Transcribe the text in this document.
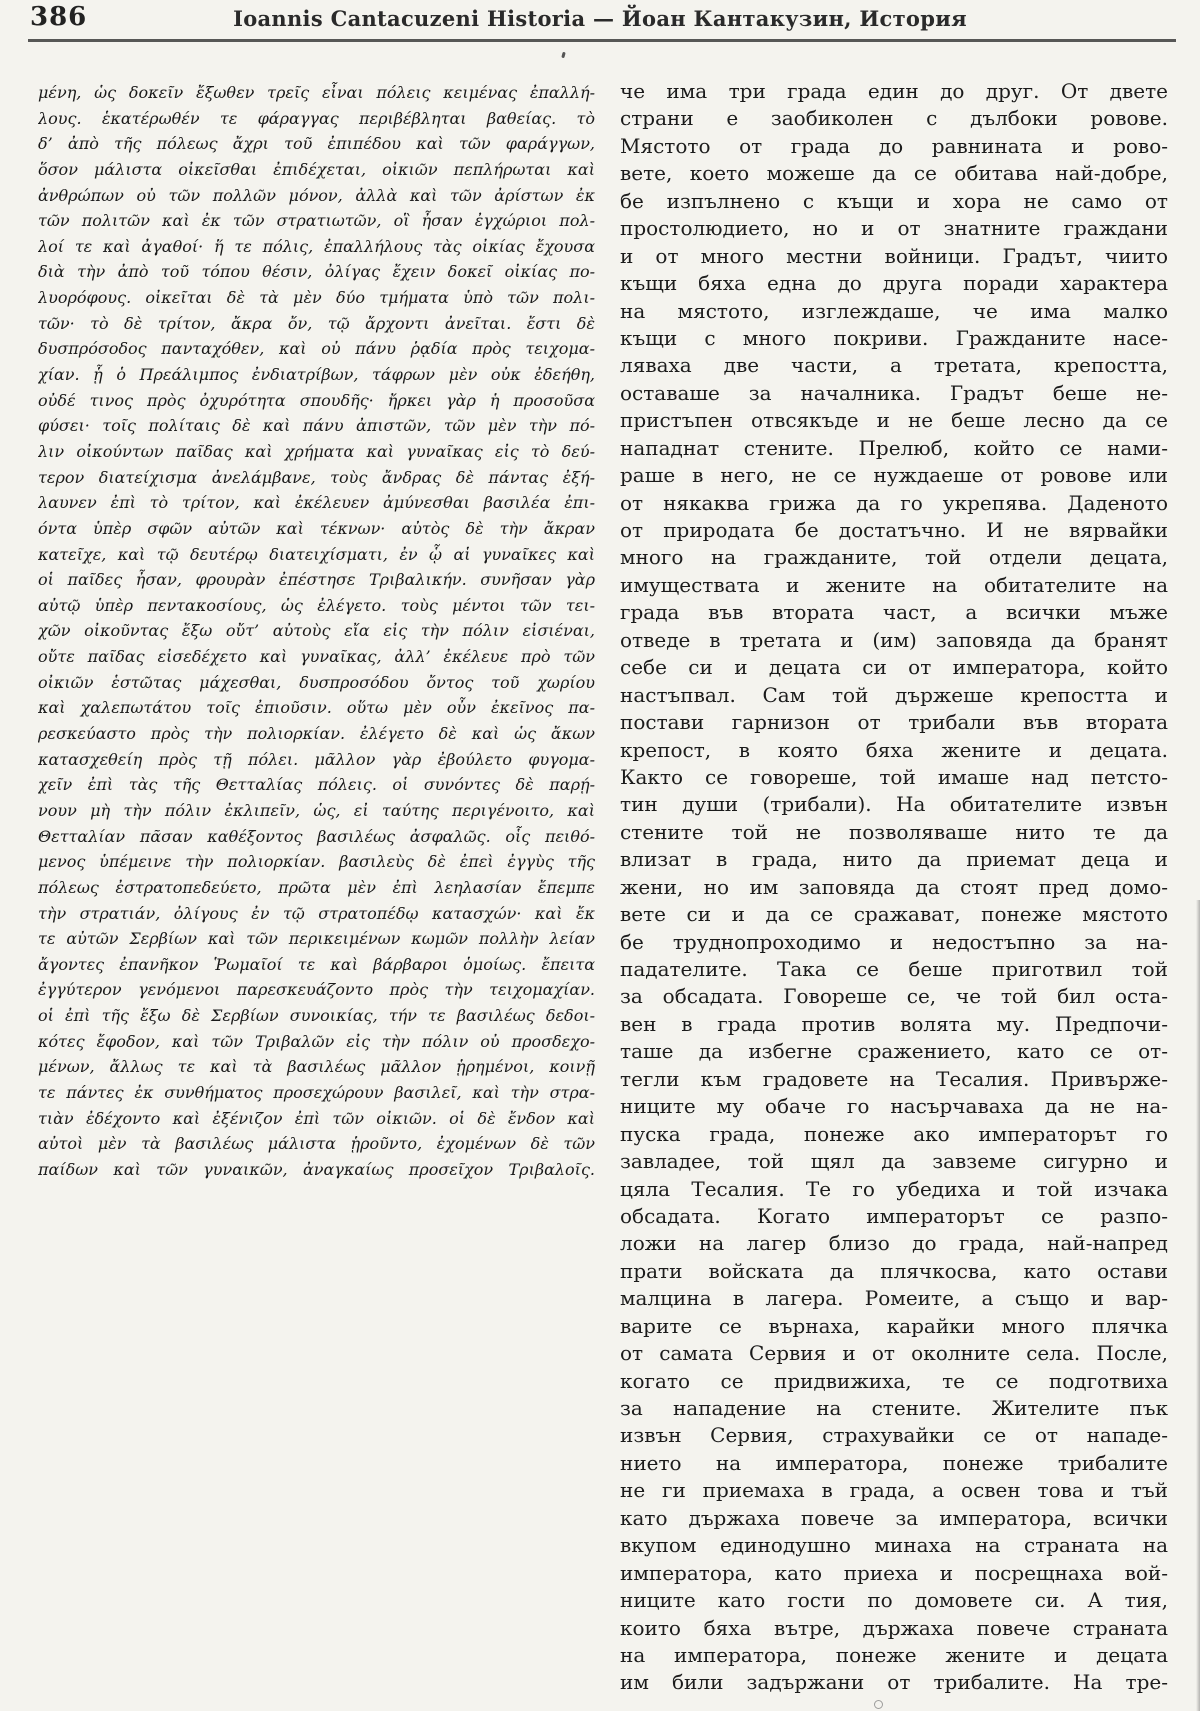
386	Ioannis Cantacuzeni Historia — Йоан Кантакузин, История
μένη, ὡς δοκεῖν ἔξωθεν τρεῖς εἶναι πόλεις κειμένας ἐπαλλή-
λους. ἑκατέρωθέν τε φάραγγας περιβέβληται βαθείας. τὸ
δ’ ἀπὸ τῆς πόλεως ἄχρι τοῦ ἐπιπέδου καὶ τῶν φαράγγων,
ὅσον μάλιστα οἰκεῖσθαι ἐπιδέχεται, οἰκιῶν πεπλήρωται καὶ
ἀνθρώπων οὐ τῶν πολλῶν μόνον, ἀλλὰ καὶ τῶν ἀρίστων ἐκ
τῶν πολιτῶν καὶ ἐκ τῶν στρατιωτῶν, οἳ ἦσαν ἐγχώριοι πολ-
λοί τε καὶ ἀγαθοί· ἥ τε πόλις, ἐπαλλήλους τὰς οἰκίας ἔχουσα
διὰ τὴν ἀπὸ τοῦ τόπου θέσιν, ὀλίγας ἔχειν δοκεῖ οἰκίας πο-
λυορόφους. οἰκεῖται δὲ τὰ μὲν δύο τμήματα ὑπὸ τῶν πολι-
τῶν· τὸ δὲ τρίτον, ἄκρα ὄν, τῷ ἄρχοντι ἀνεῖται. ἔστι δὲ
δυσπρόσοδος πανταχόθεν, καὶ οὐ πάνυ ῥᾳδία πρὸς τειχομα-
χίαν. ᾗ ὁ Πρεάλιμπος ἐνδιατρίβων, τάφρων μὲν οὐκ ἐδεήθη,
οὐδέ τινος πρὸς ὀχυρότητα σπουδῆς· ἤρκει γὰρ ἡ προσοῦσα
φύσει· τοῖς πολίταις δὲ καὶ πάνυ ἀπιστῶν, τῶν μὲν τὴν πό-
λιν οἰκούντων παῖδας καὶ χρήματα καὶ γυναῖκας εἰς τὸ δεύ-
τερον διατείχισμα ἀνελάμβανε, τοὺς ἄνδρας δὲ πάντας ἐξή-
λαυνεν ἐπὶ τὸ τρίτον, καὶ ἐκέλευεν ἀμύνεσθαι βασιλέα ἐπι-
όντα ὑπὲρ σφῶν αὐτῶν καὶ τέκνων· αὐτὸς δὲ τὴν ἄκραν
κατεῖχε, καὶ τῷ δευτέρῳ διατειχίσματι, ἐν ᾧ αἱ γυναῖκες καὶ
οἱ παῖδες ἦσαν, φρουρὰν ἐπέστησε Τριβαλικήν. συνῆσαν γὰρ
αὐτῷ ὑπὲρ πεντακοσίους, ὡς ἐλέγετο. τοὺς μέντοι τῶν τει-
χῶν οἰκοῦντας ἔξω οὔτ’ αὐτοὺς εἴα εἰς τὴν πόλιν εἰσιέναι,
οὔτε παῖδας εἰσεδέχετο καὶ γυναῖκας, ἀλλ’ ἐκέλευε πρὸ τῶν
οἰκιῶν ἑστῶτας μάχεσθαι, δυσπροσόδου ὄντος τοῦ χωρίου
καὶ χαλεπωτάτου τοῖς ἐπιοῦσιν. οὕτω μὲν οὖν ἐκεῖνος πα-
ρεσκεύαστο πρὸς τὴν πολιορκίαν. ἐλέγετο δὲ καὶ ὡς ἄκων
κατασχεθείη πρὸς τῇ πόλει. μᾶλλον γὰρ ἐβούλετο φυγομα-
χεῖν ἐπὶ τὰς τῆς Θετταλίας πόλεις. οἱ συνόντες δὲ παρῄ-
νουν μὴ τὴν πόλιν ἐκλιπεῖν, ὡς, εἰ ταύτης περιγένοιτο, καὶ
Θετταλίαν πᾶσαν καθέξοντος βασιλέως ἀσφαλῶς. οἷς πειθό-
μενος ὑπέμεινε τὴν πολιορκίαν. βασιλεὺς δὲ ἐπεὶ ἐγγὺς τῆς
πόλεως ἐστρατοπεδεύετο, πρῶτα μὲν ἐπὶ λεηλασίαν ἔπεμπε
τὴν στρατιάν, ὀλίγους ἐν τῷ στρατοπέδῳ κατασχών· καὶ ἔκ
τε αὐτῶν Σερβίων καὶ τῶν περικειμένων κωμῶν πολλὴν λείαν
ἄγοντες ἐπανῆκον Ῥωμαῖοί τε καὶ βάρβαροι ὁμοίως. ἔπειτα
ἐγγύτερον γενόμενοι παρεσκευάζοντο πρὸς τὴν τειχομαχίαν.
οἱ ἐπὶ τῆς ἔξω δὲ Σερβίων συνοικίας, τήν τε βασιλέως δεδοι-
κότες ἔφοδον, καὶ τῶν Τριβαλῶν εἰς τὴν πόλιν οὐ προσδεχο-
μένων, ἄλλως τε καὶ τὰ βασιλέως μᾶλλον ᾑρημένοι, κοινῇ
τε πάντες ἐκ συνθήματος προσεχώρουν βασιλεῖ, καὶ τὴν στρα-
τιὰν ἐδέχοντο καὶ ἐξένιζον ἐπὶ τῶν οἰκιῶν. οἱ δὲ ἔνδον καὶ
αὐτοὶ μὲν τὰ βασιλέως μάλιστα ᾑροῦντο, ἐχομένων δὲ τῶν
παίδων καὶ τῶν γυναικῶν, ἀναγκαίως προσεῖχον Τριβαλοῖς.
че има три града един до друг. От двете
страни е заобиколен с дълбоки ровове.
Мястото от града до равнината и рово-
вете, което можеше да се обитава най-добре,
бе изпълнено с къщи и хора не само от
простолюдието, но и от знатните граждани
и от много местни войници. Градът, чиито
къщи бяха една до друга поради характера
на мястото, изглеждаше, че има малко
къщи с много покриви. Гражданите насе-
ляваха две части, а третата, крепостта,
оставаше за началника. Градът беше не-
пристъпен отвсякъде и не беше лесно да се
нападнат стените. Прелюб, който се нами-
раше в него, не се нуждаеше от ровове или
от някаква грижа да го укрепява. Даденото
от природата бе достатъчно. И не вярвайки
много на гражданите, той отдели децата,
имуществата и жените на обитателите на
града във втората част, а всички мъже
отведе в третата и (им) заповяда да бранят
себе си и децата си от императора, който
настъпвал. Сам той държеше крепостта и
постави гарнизон от трибали във втората
крепост, в която бяха жените и децата.
Както се говореше, той имаше над петсто-
тин души (трибали). На обитателите извън
стените той не позволяваше нито те да
влизат в града, нито да приемат деца и
жени, но им заповяда да стоят пред домо-
вете си и да се сражават, понеже мястото
бе труднопроходимо и недостъпно за на-
падателите. Така се беше приготвил той
за обсадата. Говореше се, че той бил оста-
вен в града против волята му. Предпочи-
таше да избегне сражението, като се от-
тегли към градовете на Тесалия. Привърже-
ниците му обаче го насърчаваха да не на-
пуска града, понеже ако императорът го
завладее, той щял да завземе сигурно и
цяла Тесалия. Те го убедиха и той изчака
обсадата. Когато императорът се разпо-
ложи на лагер близо до града, най-напред
прати войската да плячкосва, като остави
малцина в лагера. Ромеите, а също и вар-
варите се върнаха, карайки много плячка
от самата Сервия и от околните села. После,
когато се придвижиха, те се подготвиха
за нападение на стените. Жителите пък
извън Сервия, страхувайки се от нападе-
нието на императора, понеже трибалите
не ги приемаха в града, а освен това и тъй
като държаха повече за императора, всички
вкупом единодушно минаха на страната на
императора, като приеха и посрещнаха вой-
ниците като гости по домовете си. А тия,
които бяха вътре, държаха повече страната
на императора, понеже жените и децата
им били задържани от трибалите. На тре-
